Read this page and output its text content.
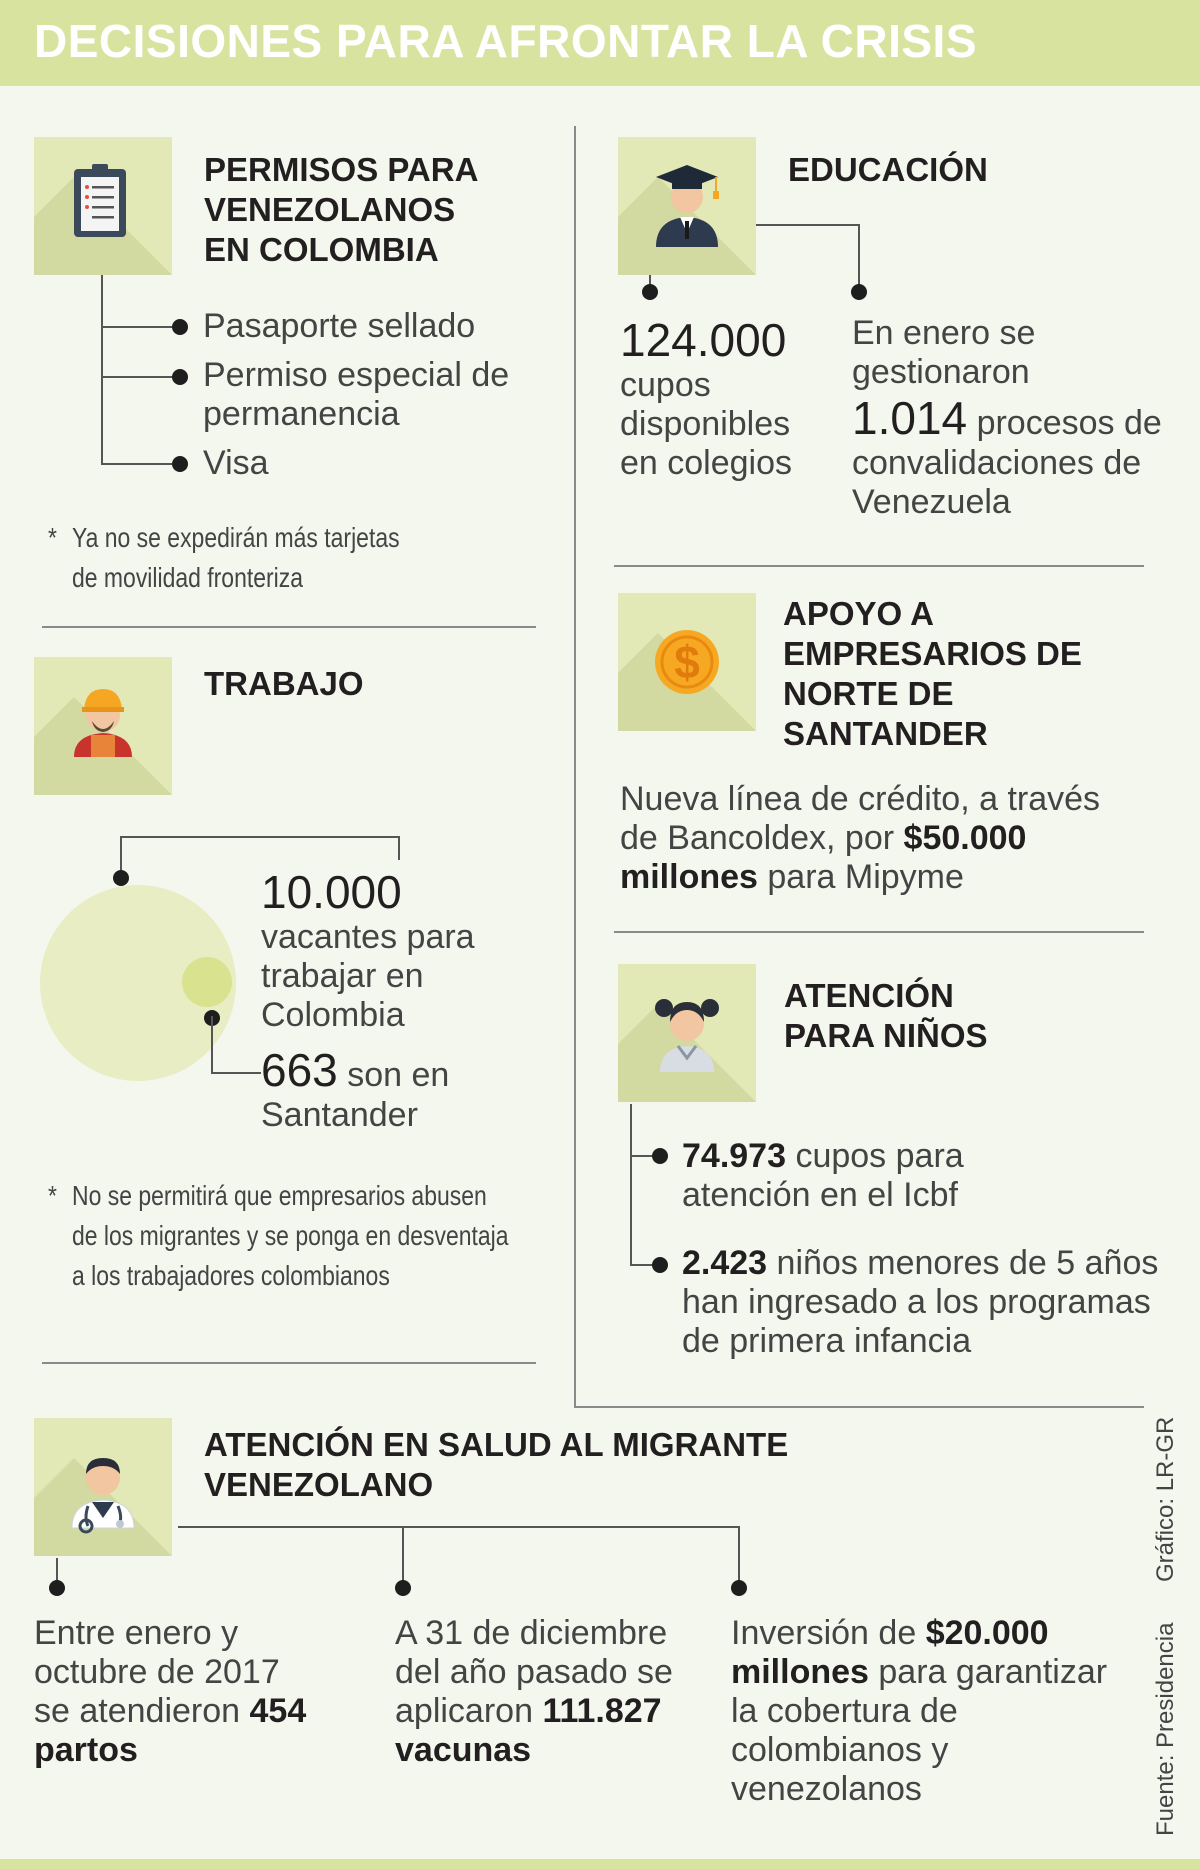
DECISIONES PARA AFRONTAR LA CRISIS
PERMISOS PARA VENEZOLANOS EN COLOMBIA
Pasaporte sellado
Permiso especial de permanencia
Visa
* Ya no se expedirán más tarjetas de movilidad fronteriza
TRABAJO
10.000
vacantes para trabajar en Colombia
663 son en Santander
* No se permitirá que empresarios abusen de los migrantes y se ponga en desventaja a los trabajadores colombianos
EDUCACIÓN
124.000
cupos disponibles en colegios
En enero se gestionaron
1.014 procesos de convalidaciones de Venezuela
$
APOYO A EMPRESARIOS DE NORTE DE SANTANDER
Nueva línea de crédito, a través de Bancoldex, por $50.000 millones para Mipyme
ATENCIÓN PARA NIÑOS
74.973 cupos para atención en el Icbf
2.423 niños menores de 5 años han ingresado a los programas de primera infancia
ATENCIÓN EN SALUD AL MIGRANTE VENEZOLANO
Entre enero y octubre de 2017 se atendieron 454 partos
A 31 de diciembre del año pasado se aplicaron 111.827 vacunas
Inversión de $20.000 millones para garantizar la cobertura de colombianos y venezolanos
Gráfico: LR-GR
Fuente: Presidencia
